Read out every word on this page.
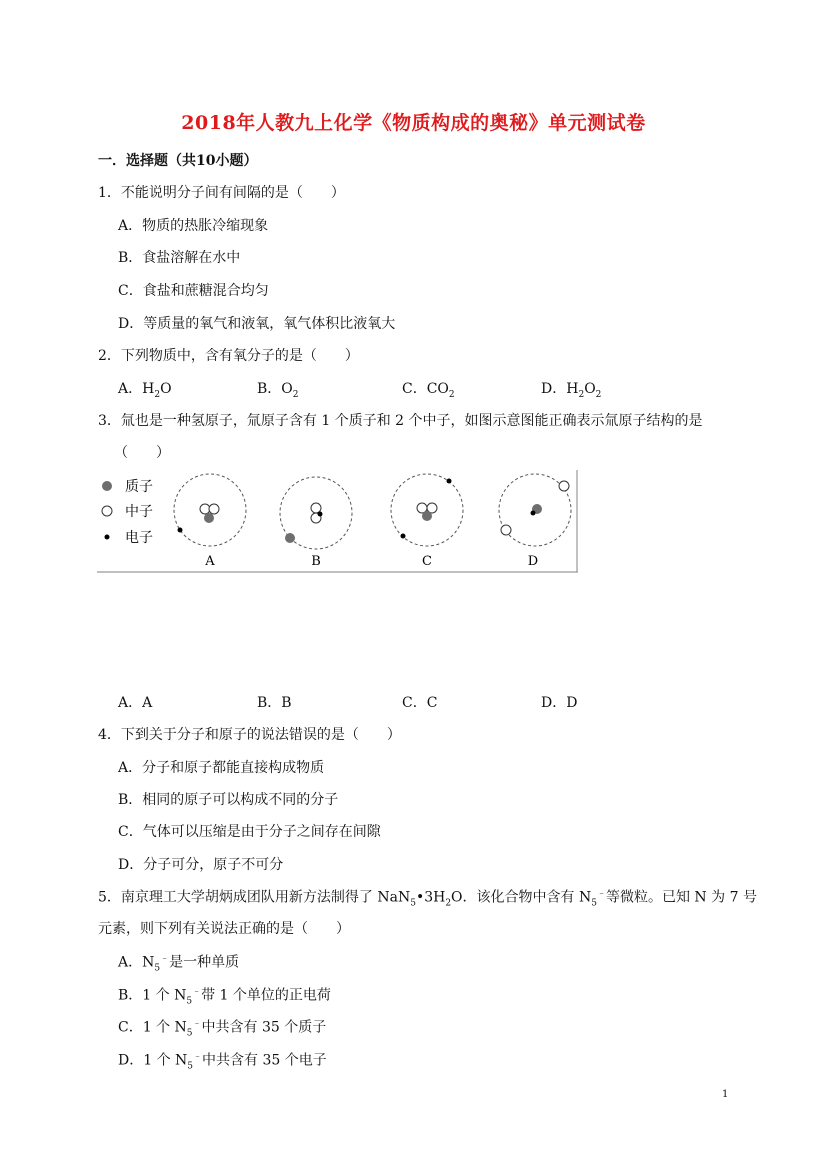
2018年人教九上化学《物质构成的奥秘》单元测试卷
一．选择题（共10小题）
1．不能说明分子间有间隔的是（　　）
A．物质的热胀冷缩现象
B．食盐溶解在水中
C．食盐和蔗糖混合均匀
D．等质量的氧气和液氧，氧气体积比液氧大
2．下列物质中，含有氧分子的是（　　）
A．$H_2O$	B．$O_2$	C．$CO_2$	D．$H_2O_2$
3．氚也是一种氢原子，氚原子含有 1 个质子和 2 个中子，如图示意图能正确表示氚原子结构的是
（　　）
质子
中子
电子
A	B	C	D
A．A	B．B	C．C	D．D
4．下到关于分子和原子的说法错误的是（　　）
A．分子和原子都能直接构成物质
B．相同的原子可以构成不同的分子
C．气体可以压缩是由于分子之间存在间隙
D．分子可分，原子不可分
5．南京理工大学胡炳成团队用新方法制得了 $NaN_5•3H_2O$．该化合物中含有 $N_5^﹣$等微粒。已知 N 为 7 号
元素，则下列有关说法正确的是（　　）
A．$N_5^﹣$是一种单质
B．1 个 $N_5^﹣$带 1 个单位的正电荷
C．1 个 $N_5^﹣$中共含有 35 个质子
D．1 个 $N_5^﹣$中共含有 35 个电子
1
